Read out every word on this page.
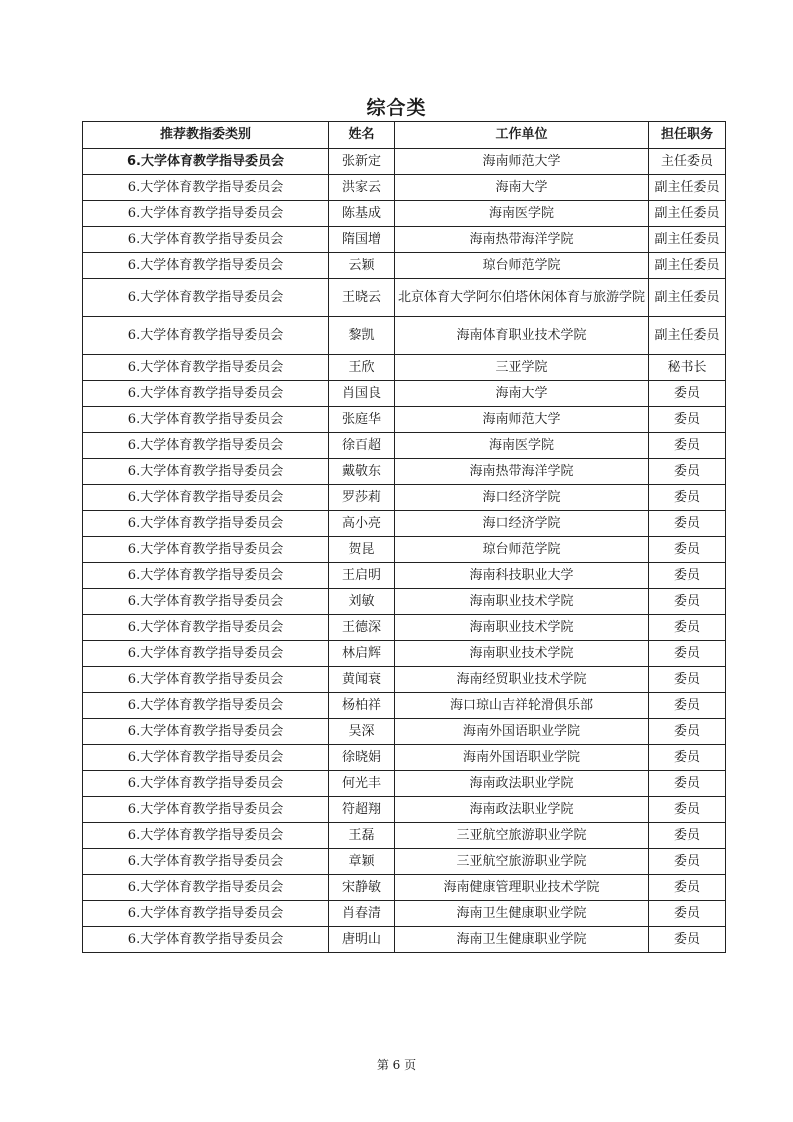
综合类
推荐教指委类别	姓名	工作单位	担任职务
6.大学体育教学指导委员会	张新定	海南师范大学	主任委员
6.大学体育教学指导委员会	洪家云	海南大学	副主任委员
6.大学体育教学指导委员会	陈基成	海南医学院	副主任委员
6.大学体育教学指导委员会	隋国增	海南热带海洋学院	副主任委员
6.大学体育教学指导委员会	云颖	琼台师范学院	副主任委员
6.大学体育教学指导委员会	王晓云	北京体育大学阿尔伯塔休闲体育与旅游学院	副主任委员
6.大学体育教学指导委员会	黎凯	海南体育职业技术学院	副主任委员
6.大学体育教学指导委员会	王欣	三亚学院	秘书长
6.大学体育教学指导委员会	肖国良	海南大学	委员
6.大学体育教学指导委员会	张庭华	海南师范大学	委员
6.大学体育教学指导委员会	徐百超	海南医学院	委员
6.大学体育教学指导委员会	戴敬东	海南热带海洋学院	委员
6.大学体育教学指导委员会	罗莎莉	海口经济学院	委员
6.大学体育教学指导委员会	高小亮	海口经济学院	委员
6.大学体育教学指导委员会	贺昆	琼台师范学院	委员
6.大学体育教学指导委员会	王启明	海南科技职业大学	委员
6.大学体育教学指导委员会	刘敏	海南职业技术学院	委员
6.大学体育教学指导委员会	王德深	海南职业技术学院	委员
6.大学体育教学指导委员会	林启辉	海南职业技术学院	委员
6.大学体育教学指导委员会	黄闻衰	海南经贸职业技术学院	委员
6.大学体育教学指导委员会	杨柏祥	海口琼山吉祥轮滑俱乐部	委员
6.大学体育教学指导委员会	吴深	海南外国语职业学院	委员
6.大学体育教学指导委员会	徐晓娟	海南外国语职业学院	委员
6.大学体育教学指导委员会	何光丰	海南政法职业学院	委员
6.大学体育教学指导委员会	符超翔	海南政法职业学院	委员
6.大学体育教学指导委员会	王磊	三亚航空旅游职业学院	委员
6.大学体育教学指导委员会	章颖	三亚航空旅游职业学院	委员
6.大学体育教学指导委员会	宋静敏	海南健康管理职业技术学院	委员
6.大学体育教学指导委员会	肖春清	海南卫生健康职业学院	委员
6.大学体育教学指导委员会	唐明山	海南卫生健康职业学院	委员
第 6 页
